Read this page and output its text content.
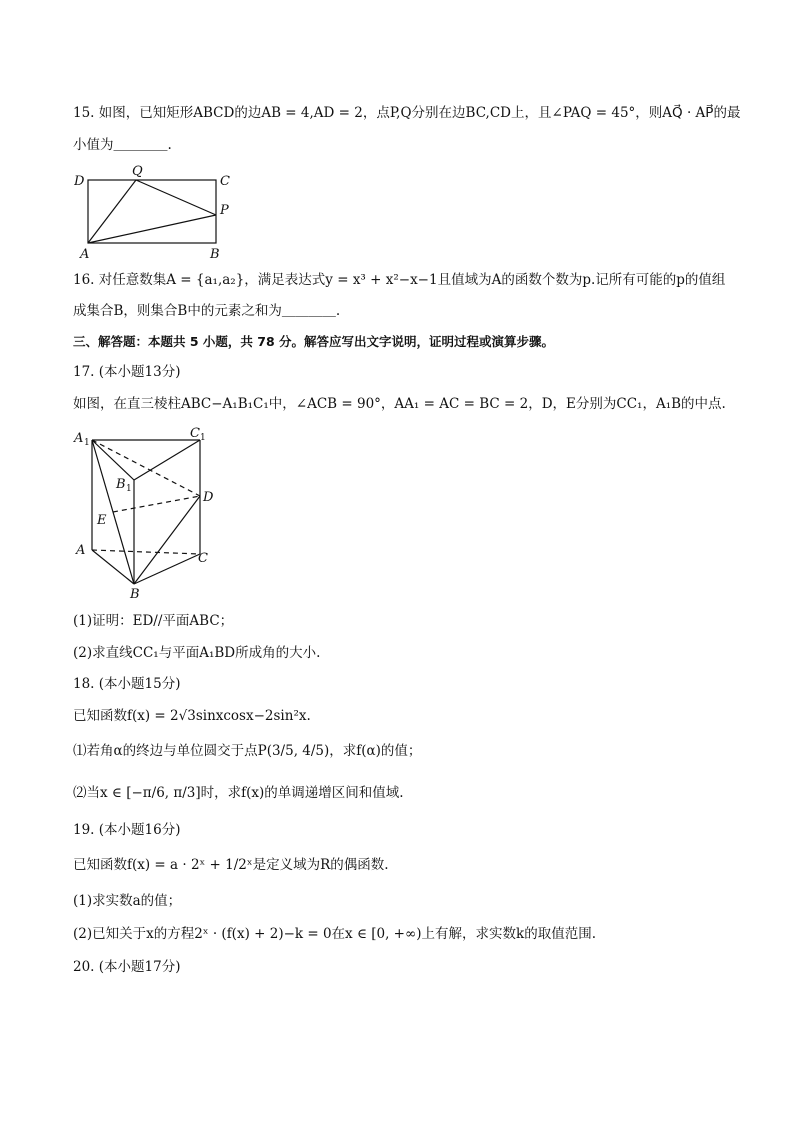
15. 如图，已知矩形ABCD的边AB = 4,AD = 2，点P,Q分别在边BC,CD上，且∠PAQ = 45°，则AQ⃗ · AP⃗的最
小值为＿＿＿＿.
D
Q
C
P
A	B
16. 对任意数集A = {a₁,a₂}，满足表达式y = x³ + x²−x−1且值域为A的函数个数为p.记所有可能的p的值组
成集合B，则集合B中的元素之和为＿＿＿＿.
三、解答题：本题共 5 小题，共 78 分。解答应写出文字说明，证明过程或演算步骤。
17. (本小题13分)
如图，在直三棱柱ABC−A₁B₁C₁中，∠ACB = 90°，AA₁ = AC = BC = 2，D，E分别为CC₁，A₁B的中点.
A 1
C 1
B 1
D
E
A
C
B
(1)证明：ED//平面ABC；
(2)求直线CC₁与平面A₁BD所成角的大小.
18. (本小题15分)
已知函数f(x) = 2√3sinxcosx−2sin²x.
⑴若角α的终边与单位圆交于点P(3/5, 4/5)，求f(α)的值；
⑵当x ∈ [−π/6, π/3]时，求f(x)的单调递增区间和值域.
19. (本小题16分)
已知函数f(x) = a · 2ˣ + 1/2ˣ是定义域为R的偶函数.
(1)求实数a的值；
(2)已知关于x的方程2ˣ · (f(x) + 2)−k = 0在x ∈ [0, +∞)上有解，求实数k的取值范围.
20. (本小题17分)
